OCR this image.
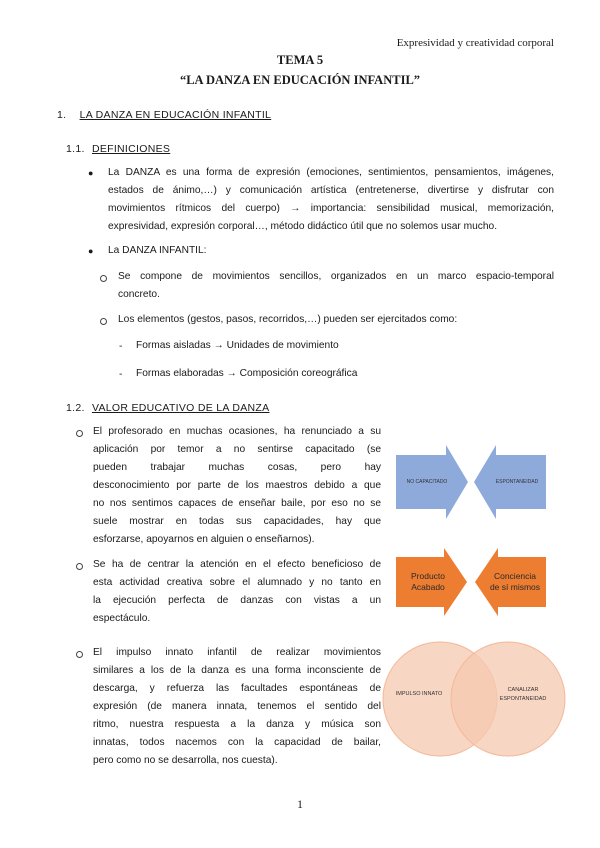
Expresividad y creatividad corporal
TEMA 5
“LA DANZA EN EDUCACIÓN INFANTIL”
1. LA DANZA EN EDUCACIÓN INFANTIL
1.1. DEFINICIONES
● La DANZA es una forma de expresión (emociones, sentimientos, pensamientos, imágenes,
estados de ánimo,…) y comunicación artística (entretenerse, divertirse y disfrutar con
movimientos rítmicos del cuerpo) → importancia: sensibilidad musical, memorización,
expresividad, expresión corporal…, método didáctico útil que no solemos usar mucho.
● La DANZA INFANTIL:
Se compone de movimientos sencillos, organizados en un marco espacio-temporal
concreto.
Los elementos (gestos, pasos, recorridos,…) pueden ser ejercitados como:
- Formas aisladas → Unidades de movimiento
- Formas elaboradas → Composición coreográfica
1.2. VALOR EDUCATIVO DE LA DANZA
El profesorado en muchas ocasiones, ha renunciado a su
aplicación por temor a no sentirse capacitado (se
pueden trabajar muchas cosas, pero hay
desconocimiento por parte de los maestros debido a que
no nos sentimos capaces de enseñar baile, por eso no se
suele mostrar en todas sus capacidades, hay que
esforzarse, apoyarnos en alguien o enseñarnos).
NO CAPACITADO	ESPONTANEIDAD
Se ha de centrar la atención en el efecto beneficioso de
esta actividad creativa sobre el alumnado y no tanto en
la ejecución perfecta de danzas con vistas a un
espectáculo.
Producto
Acabado
Conciencia
de sí mismos
El impulso innato infantil de realizar movimientos
similares a los de la danza es una forma inconsciente de
descarga, y refuerza las facultades espontáneas de
expresión (de manera innata, tenemos el sentido del
ritmo, nuestra respuesta a la danza y música son
innatas, todos nacemos con la capacidad de bailar,
pero como no se desarrolla, nos cuesta).
IMPULSO INNATO
CANALIZAR
ESPONTANEIDAD
1
